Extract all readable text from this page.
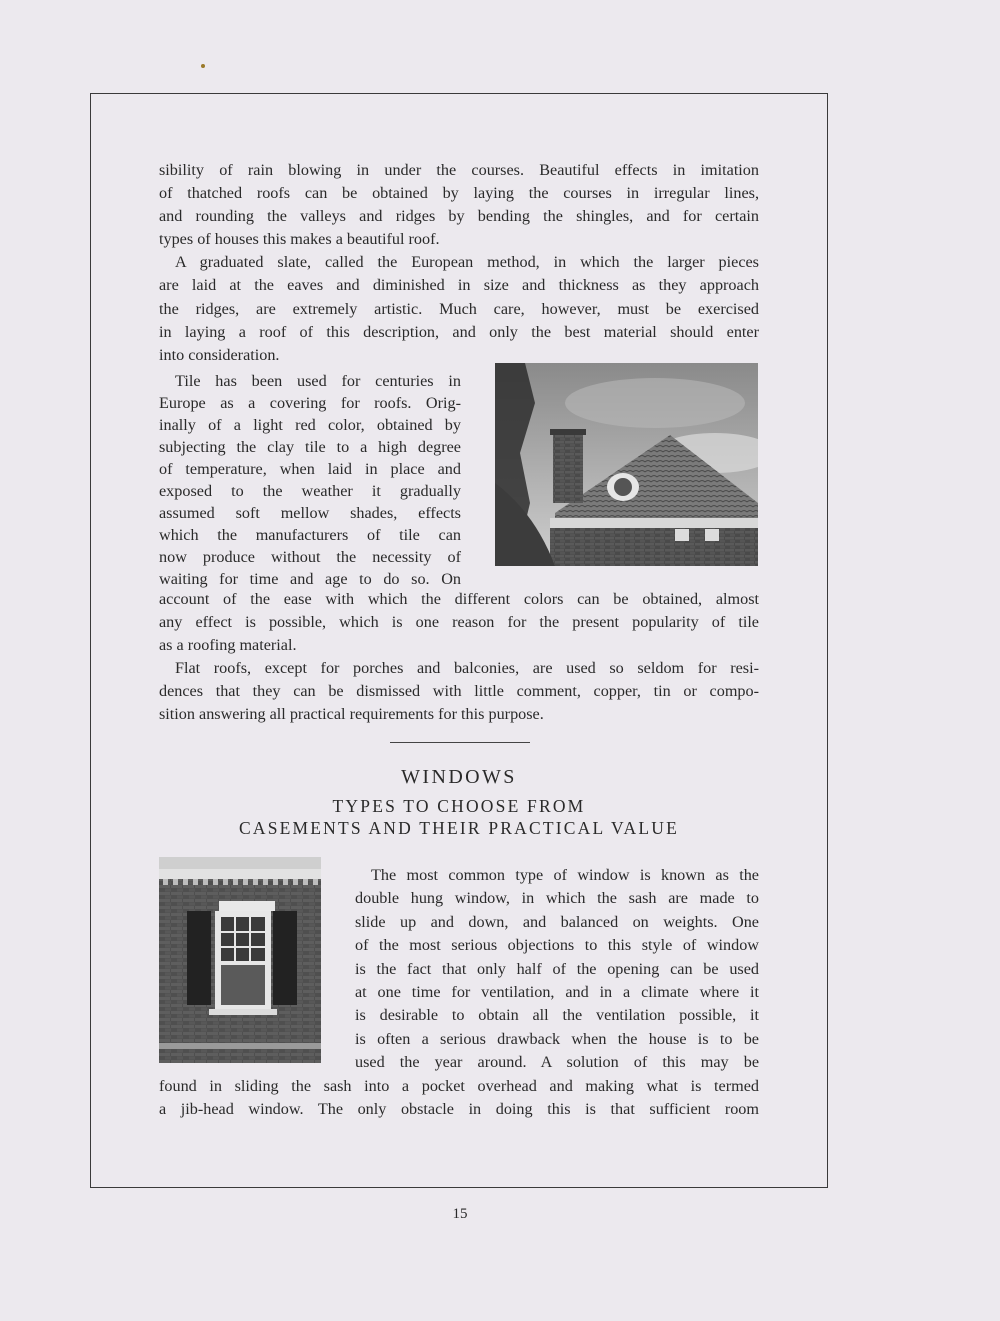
sibility of rain blowing in under the courses. Beautiful effects in imitation
of thatched roofs can be obtained by laying the courses in irregular lines,
and rounding the valleys and ridges by bending the shingles, and for certain
types of houses this makes a beautiful roof.
A graduated slate, called the European method, in which the larger pieces
are laid at the eaves and diminished in size and thickness as they approach
the ridges, are extremely artistic. Much care, however, must be exercised
in laying a roof of this description, and only the best material should enter
into consideration.
Tile has been used for centuries in
Europe as a covering for roofs. Orig-
inally of a light red color, obtained by
subjecting the clay tile to a high degree
of temperature, when laid in place and
exposed to the weather it gradually
assumed soft mellow shades, effects
which the manufacturers of tile can
now produce without the necessity of
waiting for time and age to do so. On
account of the ease with which the different colors can be obtained, almost
any effect is possible, which is one reason for the present popularity of tile
as a roofing material.
Flat roofs, except for porches and balconies, are used so seldom for resi-
dences that they can be dismissed with little comment, copper, tin or compo-
sition answering all practical requirements for this purpose.
WINDOWS
TYPES TO CHOOSE FROM
CASEMENTS AND THEIR PRACTICAL VALUE
The most common type of window is known as the
double hung window, in which the sash are made to
slide up and down, and balanced on weights. One
of the most serious objections to this style of window
is the fact that only half of the opening can be used
at one time for ventilation, and in a climate where it
is desirable to obtain all the ventilation possible, it
is often a serious drawback when the house is to be
used the year around. A solution of this may be
found in sliding the sash into a pocket overhead and making what is termed
a jib-head window. The only obstacle in doing this is that sufficient room
15
